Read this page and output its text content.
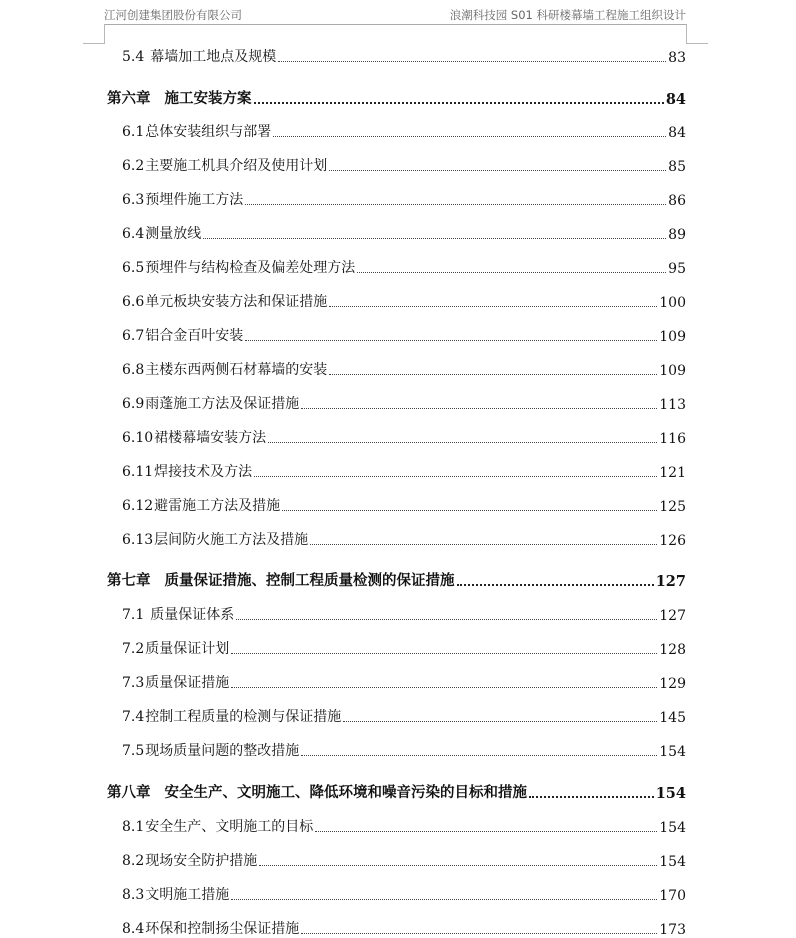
江河创建集团股份有限公司	浪潮科技园 S01 科研楼幕墙工程施工组织设计
5.4 幕墙加工地点及规模	83
第六章 施工安装方案	84
6.1总体安装组织与部署	84
6.2主要施工机具介绍及使用计划	85
6.3预埋件施工方法	86
6.4测量放线	89
6.5预埋件与结构检查及偏差处理方法	95
6.6单元板块安装方法和保证措施	100
6.7铝合金百叶安装	109
6.8主楼东西两侧石材幕墙的安装	109
6.9雨蓬施工方法及保证措施	113
6.10裙楼幕墙安装方法	116
6.11焊接技术及方法	121
6.12避雷施工方法及措施	125
6.13层间防火施工方法及措施	126
第七章 质量保证措施、控制工程质量检测的保证措施	127
7.1 质量保证体系	127
7.2质量保证计划	128
7.3质量保证措施	129
7.4控制工程质量的检测与保证措施	145
7.5现场质量问题的整改措施	154
第八章 安全生产、文明施工、降低环境和噪音污染的目标和措施	154
8.1安全生产、文明施工的目标	154
8.2现场安全防护措施	154
8.3文明施工措施	170
8.4环保和控制扬尘保证措施	173
